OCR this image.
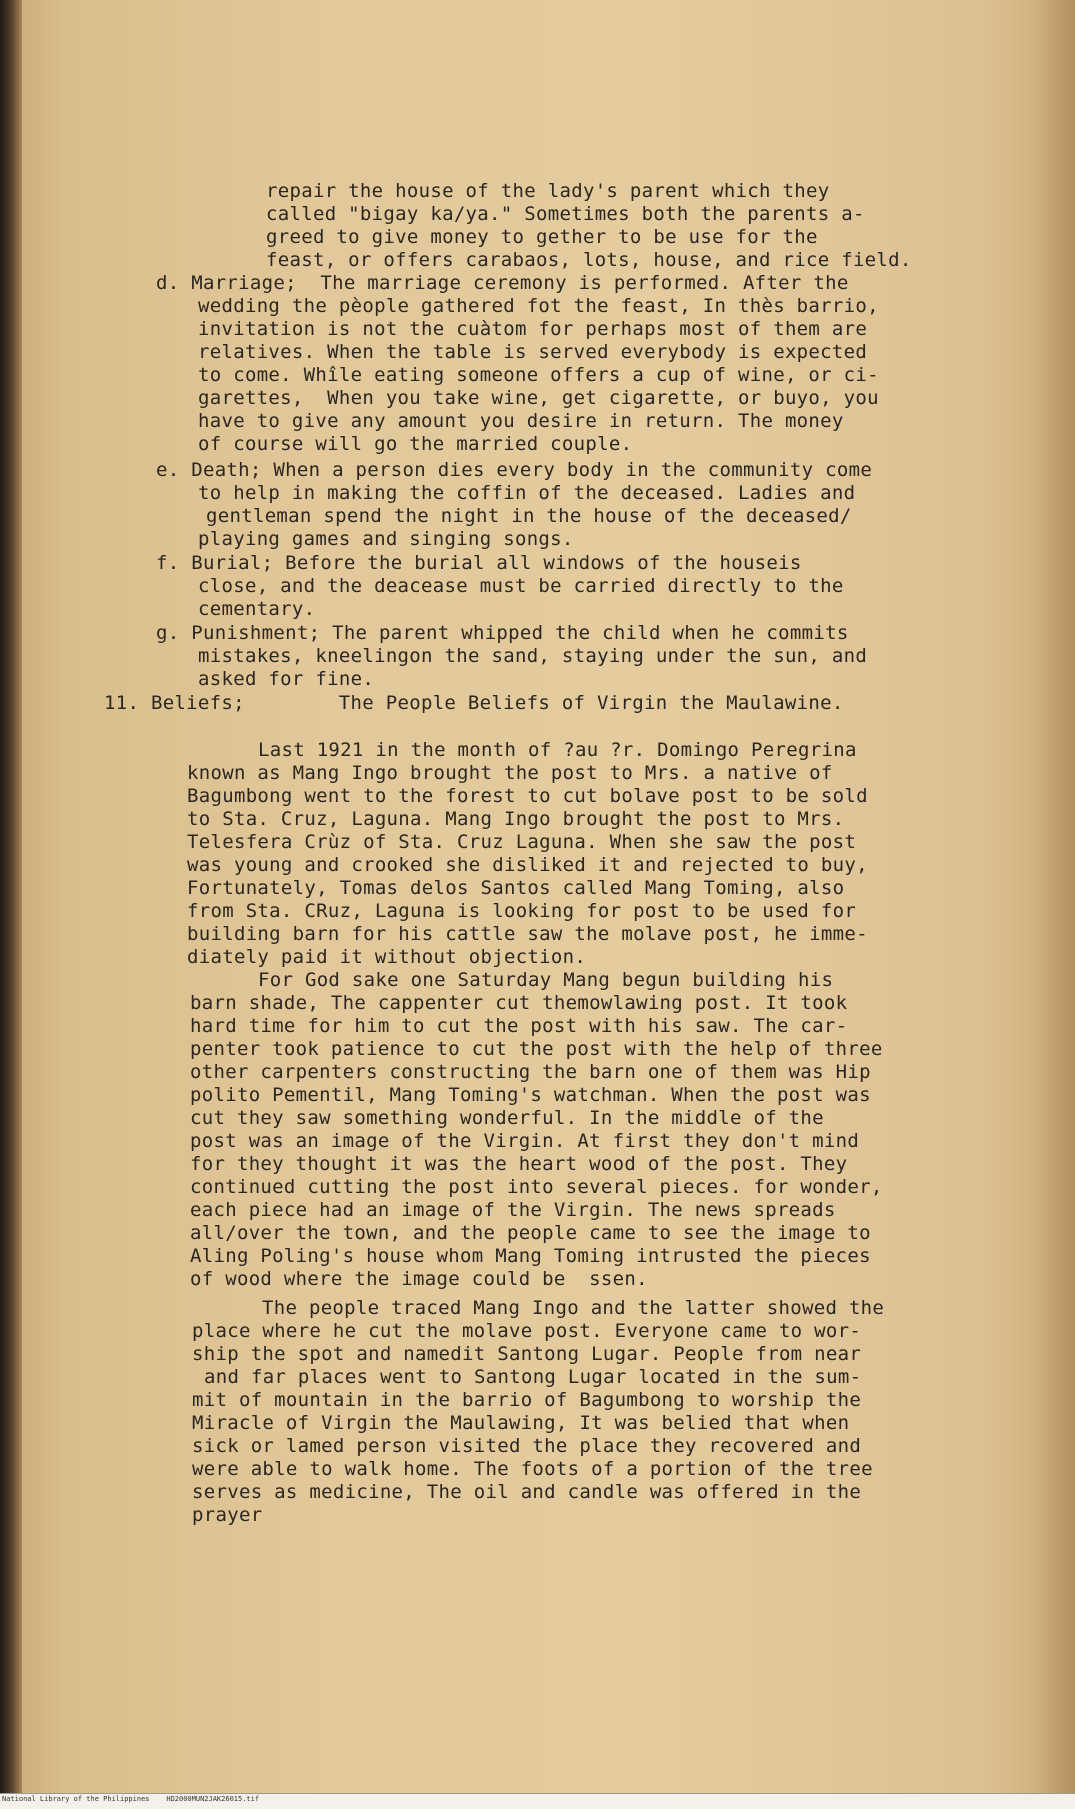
repair the house of the lady's parent which they
called "bigay ka/ya." Sometimes both the parents a-
greed to give money to gether to be use for the
feast, or offers carabaos, lots, house, and rice field.
d. Marriage;  The marriage ceremony is performed. After the
wedding the pèople gathered fot the feast, In thès barrio,
invitation is not the cuàtom for perhaps most of them are
relatives. When the table is served everybody is expected
to come. Whîle eating someone offers a cup of wine, or ci-
garettes,  When you take wine, get cigarette, or buyo, you
have to give any amount you desire in return. The money
of course will go the married couple.
e. Death; When a person dies every body in the community come
to help in making the coffin of the deceased. Ladies and
gentleman spend the night in the house of the deceased/
playing games and singing songs.
f. Burial; Before the burial all windows of the houseis
close, and the deacease must be carried directly to the
cementary.
g. Punishment; The parent whipped the child when he commits
mistakes, kneelingon the sand, staying under the sun, and
asked for fine.
11. Beliefs;        The People Beliefs of Virgin the Maulawine.
Last 1921 in the month of ?au ?r. Domingo Peregrina
known as Mang Ingo brought the post to Mrs. a native of
Bagumbong went to the forest to cut bolave post to be sold
to Sta. Cruz, Laguna. Mang Ingo brought the post to Mrs.
Telesfera Crùz of Sta. Cruz Laguna. When she saw the post
was young and crooked she disliked it and rejected to buy,
Fortunately, Tomas delos Santos called Mang Toming, also
from Sta. CRuz, Laguna is looking for post to be used for
building barn for his cattle saw the molave post, he imme-
diately paid it without objection.
For God sake one Saturday Mang begun building his
barn shade, The cappenter cut themowlawing post. It took
hard time for him to cut the post with his saw. The car-
penter took patience to cut the post with the help of three
other carpenters constructing the barn one of them was Hip
polito Pementil, Mang Toming's watchman. When the post was
cut they saw something wonderful. In the middle of the
post was an image of the Virgin. At first they don't mind
for they thought it was the heart wood of the post. They
continued cutting the post into several pieces. for wonder,
each piece had an image of the Virgin. The news spreads
all/over the town, and the people came to see the image to
Aling Poling's house whom Mang Toming intrusted the pieces
of wood where the image could be  ssen.
The people traced Mang Ingo and the latter showed the
place where he cut the molave post. Everyone came to wor-
ship the spot and namedit Santong Lugar. People from near
and far places went to Santong Lugar located in the sum-
mit of mountain in the barrio of Bagumbong to worship the
Miracle of Virgin the Maulawing, It was belied that when
sick or lamed person visited the place they recovered and
were able to walk home. The foots of a portion of the tree
serves as medicine, The oil and candle was offered in the
prayer
National Library of the Philippines    HD2000MUN2JAK26015.tif
